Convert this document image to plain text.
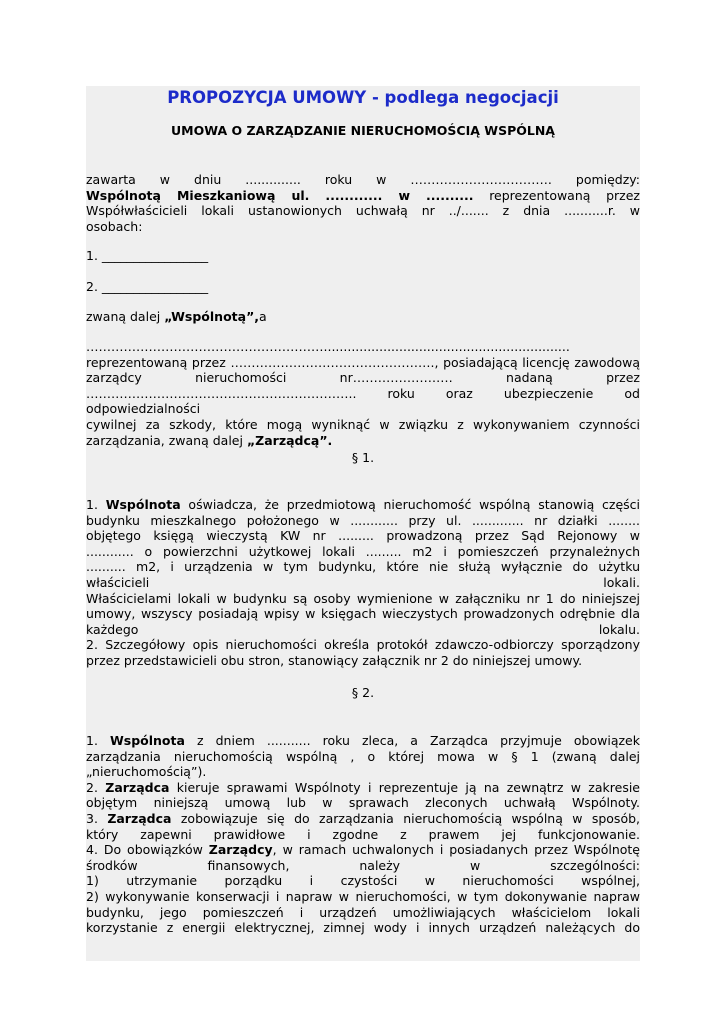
PROPOZYCJA UMOWY - podlega negocjacji
UMOWA O ZARZĄDZANIE NIERUCHOMOŚCIĄ WSPÓLNĄ
zawarta w dniu .............. roku w ……………………………. pomiędzy:
Wspólnotą Mieszkaniową ul. ............ w .......... reprezentowaną przez
Współwłaścicieli lokali ustanowionych uchwałą nr ../....... z dnia ...........r. w
osobach:
1. _________________
2. _________________
zwaną dalej „Wspólnotą”,a
…………………………………………………..............................................................
reprezentowaną przez …………………………………………., posiadającą licencję zawodową
zarządcy nieruchomości nr…………………… nadaną przez
……………………………………………………….. roku oraz ubezpieczenie od odpowiedzialności
cywilnej za szkody, które mogą wyniknąć w związku z wykonywaniem czynności
zarządzania, zwaną dalej „Zarządcą”.
§ 1.
1. Wspólnota oświadcza, że przedmiotową nieruchomość wspólną stanowią części
budynku mieszkalnego położonego w ............ przy ul. ............. nr działki ........
objętego księgą wieczystą KW nr ......... prowadzoną przez Sąd Rejonowy w
............ o powierzchni użytkowej lokali ......... m2 i pomieszczeń przynależnych
.......... m2, i urządzenia w tym budynku, które nie służą wyłącznie do użytku
właścicieli lokali.
Właścicielami lokali w budynku są osoby wymienione w załączniku nr 1 do niniejszej
umowy, wszyscy posiadają wpisy w księgach wieczystych prowadzonych odrębnie dla
każdego lokalu.
2. Szczegółowy opis nieruchomości określa protokół zdawczo-odbiorczy sporządzony
przez przedstawicieli obu stron, stanowiący załącznik nr 2 do niniejszej umowy.
§ 2.
1. Wspólnota z dniem ........... roku zleca, a Zarządca przyjmuje obowiązek
zarządzania nieruchomością wspólną , o której mowa w § 1 (zwaną dalej
„nieruchomością”).
2. Zarządca kieruje sprawami Wspólnoty i reprezentuje ją na zewnątrz w zakresie
objętym niniejszą umową lub w sprawach zleconych uchwałą Wspólnoty.
3. Zarządca zobowiązuje się do zarządzania nieruchomością wspólną w sposób,
który zapewni prawidłowe i zgodne z prawem jej funkcjonowanie.
4. Do obowiązków Zarządcy, w ramach uchwalonych i posiadanych przez Wspólnotę
środków finansowych, należy w szczególności:
1) utrzymanie porządku i czystości w nieruchomości wspólnej,
2) wykonywanie konserwacji i napraw w nieruchomości, w tym dokonywanie napraw
budynku, jego pomieszczeń i urządzeń umożliwiających właścicielom lokali
korzystanie z energii elektrycznej, zimnej wody i innych urządzeń należących do
